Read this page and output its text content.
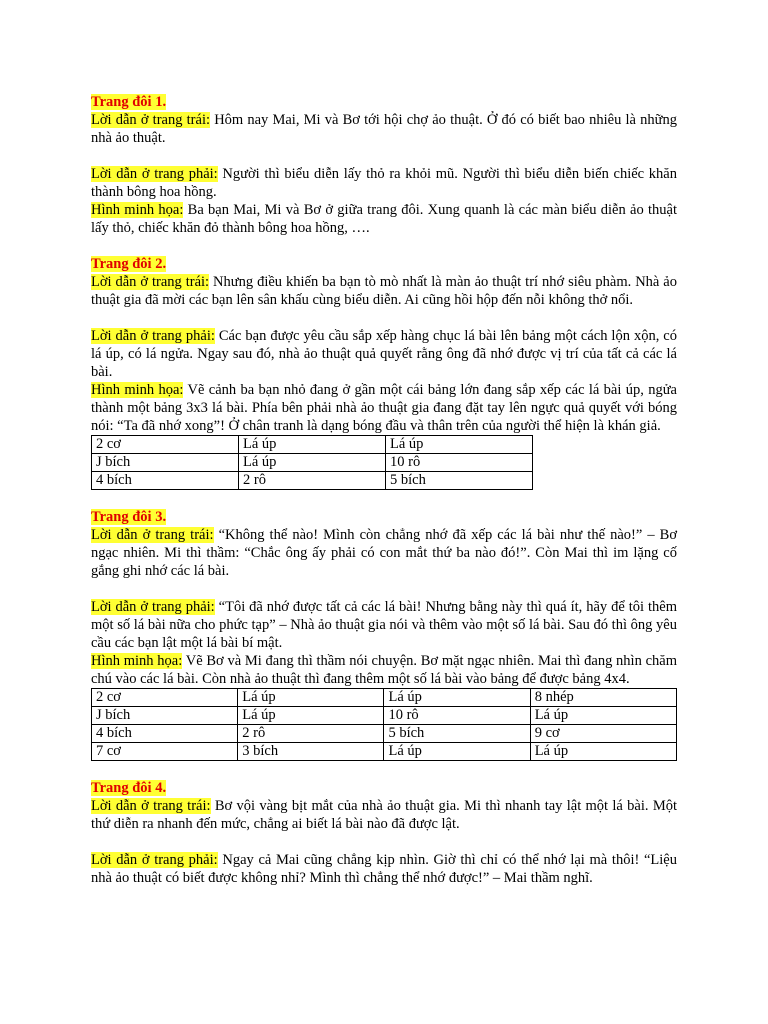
Trang đôi 1.

Lời dẫn ở trang trái: Hôm nay Mai, Mi và Bơ tới hội chợ ảo thuật. Ở đó có biết bao nhiêu là những nhà ảo thuật.

Lời dẫn ở trang phải: Người thì biểu diễn lấy thỏ ra khỏi mũ. Người thì biểu diễn biến chiếc khăn thành bông hoa hồng.

Hình minh họa: Ba bạn Mai, Mi và Bơ ở giữa trang đôi. Xung quanh là các màn biểu diễn ảo thuật lấy thỏ, chiếc khăn đỏ thành bông hoa hồng, ….

Trang đôi 2.

Lời dẫn ở trang trái: Nhưng điều khiến ba bạn tò mò nhất là màn ảo thuật trí nhớ siêu phàm. Nhà ảo thuật gia đã mời các bạn lên sân khấu cùng biểu diễn. Ai cũng hồi hộp đến nỗi không thở nổi.

Lời dẫn ở trang phải: Các bạn được yêu cầu sắp xếp hàng chục lá bài lên bảng một cách lộn xộn, có lá úp, có lá ngửa. Ngay sau đó, nhà ảo thuật quả quyết rằng ông đã nhớ được vị trí của tất cả các lá bài.

Hình minh họa: Vẽ cảnh ba bạn nhỏ đang ở gần một cái bảng lớn đang sắp xếp các lá bài úp, ngửa thành một bảng 3x3 lá bài. Phía bên phải nhà ảo thuật gia đang đặt tay lên ngực quả quyết với bóng nói: “Ta đã nhớ xong”! Ở chân tranh là dạng bóng đầu và thân trên của người thể hiện là khán giả.

2 cơ	Lá úp	Lá úp
J bích	Lá úp	10 rô
4 bích	2 rô	5 bích

Trang đôi 3.

Lời dẫn ở trang trái: “Không thể nào! Mình còn chẳng nhớ đã xếp các lá bài như thế nào!” – Bơ ngạc nhiên. Mi thì thầm: “Chắc ông ấy phải có con mắt thứ ba nào đó!”. Còn Mai thì im lặng cố gắng ghi nhớ các lá bài.

Lời dẫn ở trang phải: “Tôi đã nhớ được tất cả các lá bài! Nhưng bằng này thì quá ít, hãy để tôi thêm một số lá bài nữa cho phức tạp” – Nhà ảo thuật gia nói và thêm vào một số lá bài. Sau đó thì ông yêu cầu các bạn lật một lá bài bí mật.

Hình minh họa: Vẽ Bơ và Mi đang thì thầm nói chuyện. Bơ mặt ngạc nhiên. Mai thì đang nhìn chăm chú vào các lá bài. Còn nhà ảo thuật thì đang thêm một số lá bài vào bảng để được bảng 4x4.

2 cơ	Lá úp	Lá úp	8 nhép
J bích	Lá úp	10 rô	Lá úp
4 bích	2 rô	5 bích	9 cơ
7 cơ	3 bích	Lá úp	Lá úp

Trang đôi 4.

Lời dẫn ở trang trái: Bơ vội vàng bịt mắt của nhà ảo thuật gia. Mi thì nhanh tay lật một lá bài. Một thứ diễn ra nhanh đến mức, chẳng ai biết lá bài nào đã được lật.

Lời dẫn ở trang phải: Ngay cả Mai cũng chẳng kịp nhìn. Giờ thì chỉ có thể nhớ lại mà thôi! “Liệu nhà ảo thuật có biết được không nhỉ? Mình thì chẳng thể nhớ được!” – Mai thầm nghĩ.
